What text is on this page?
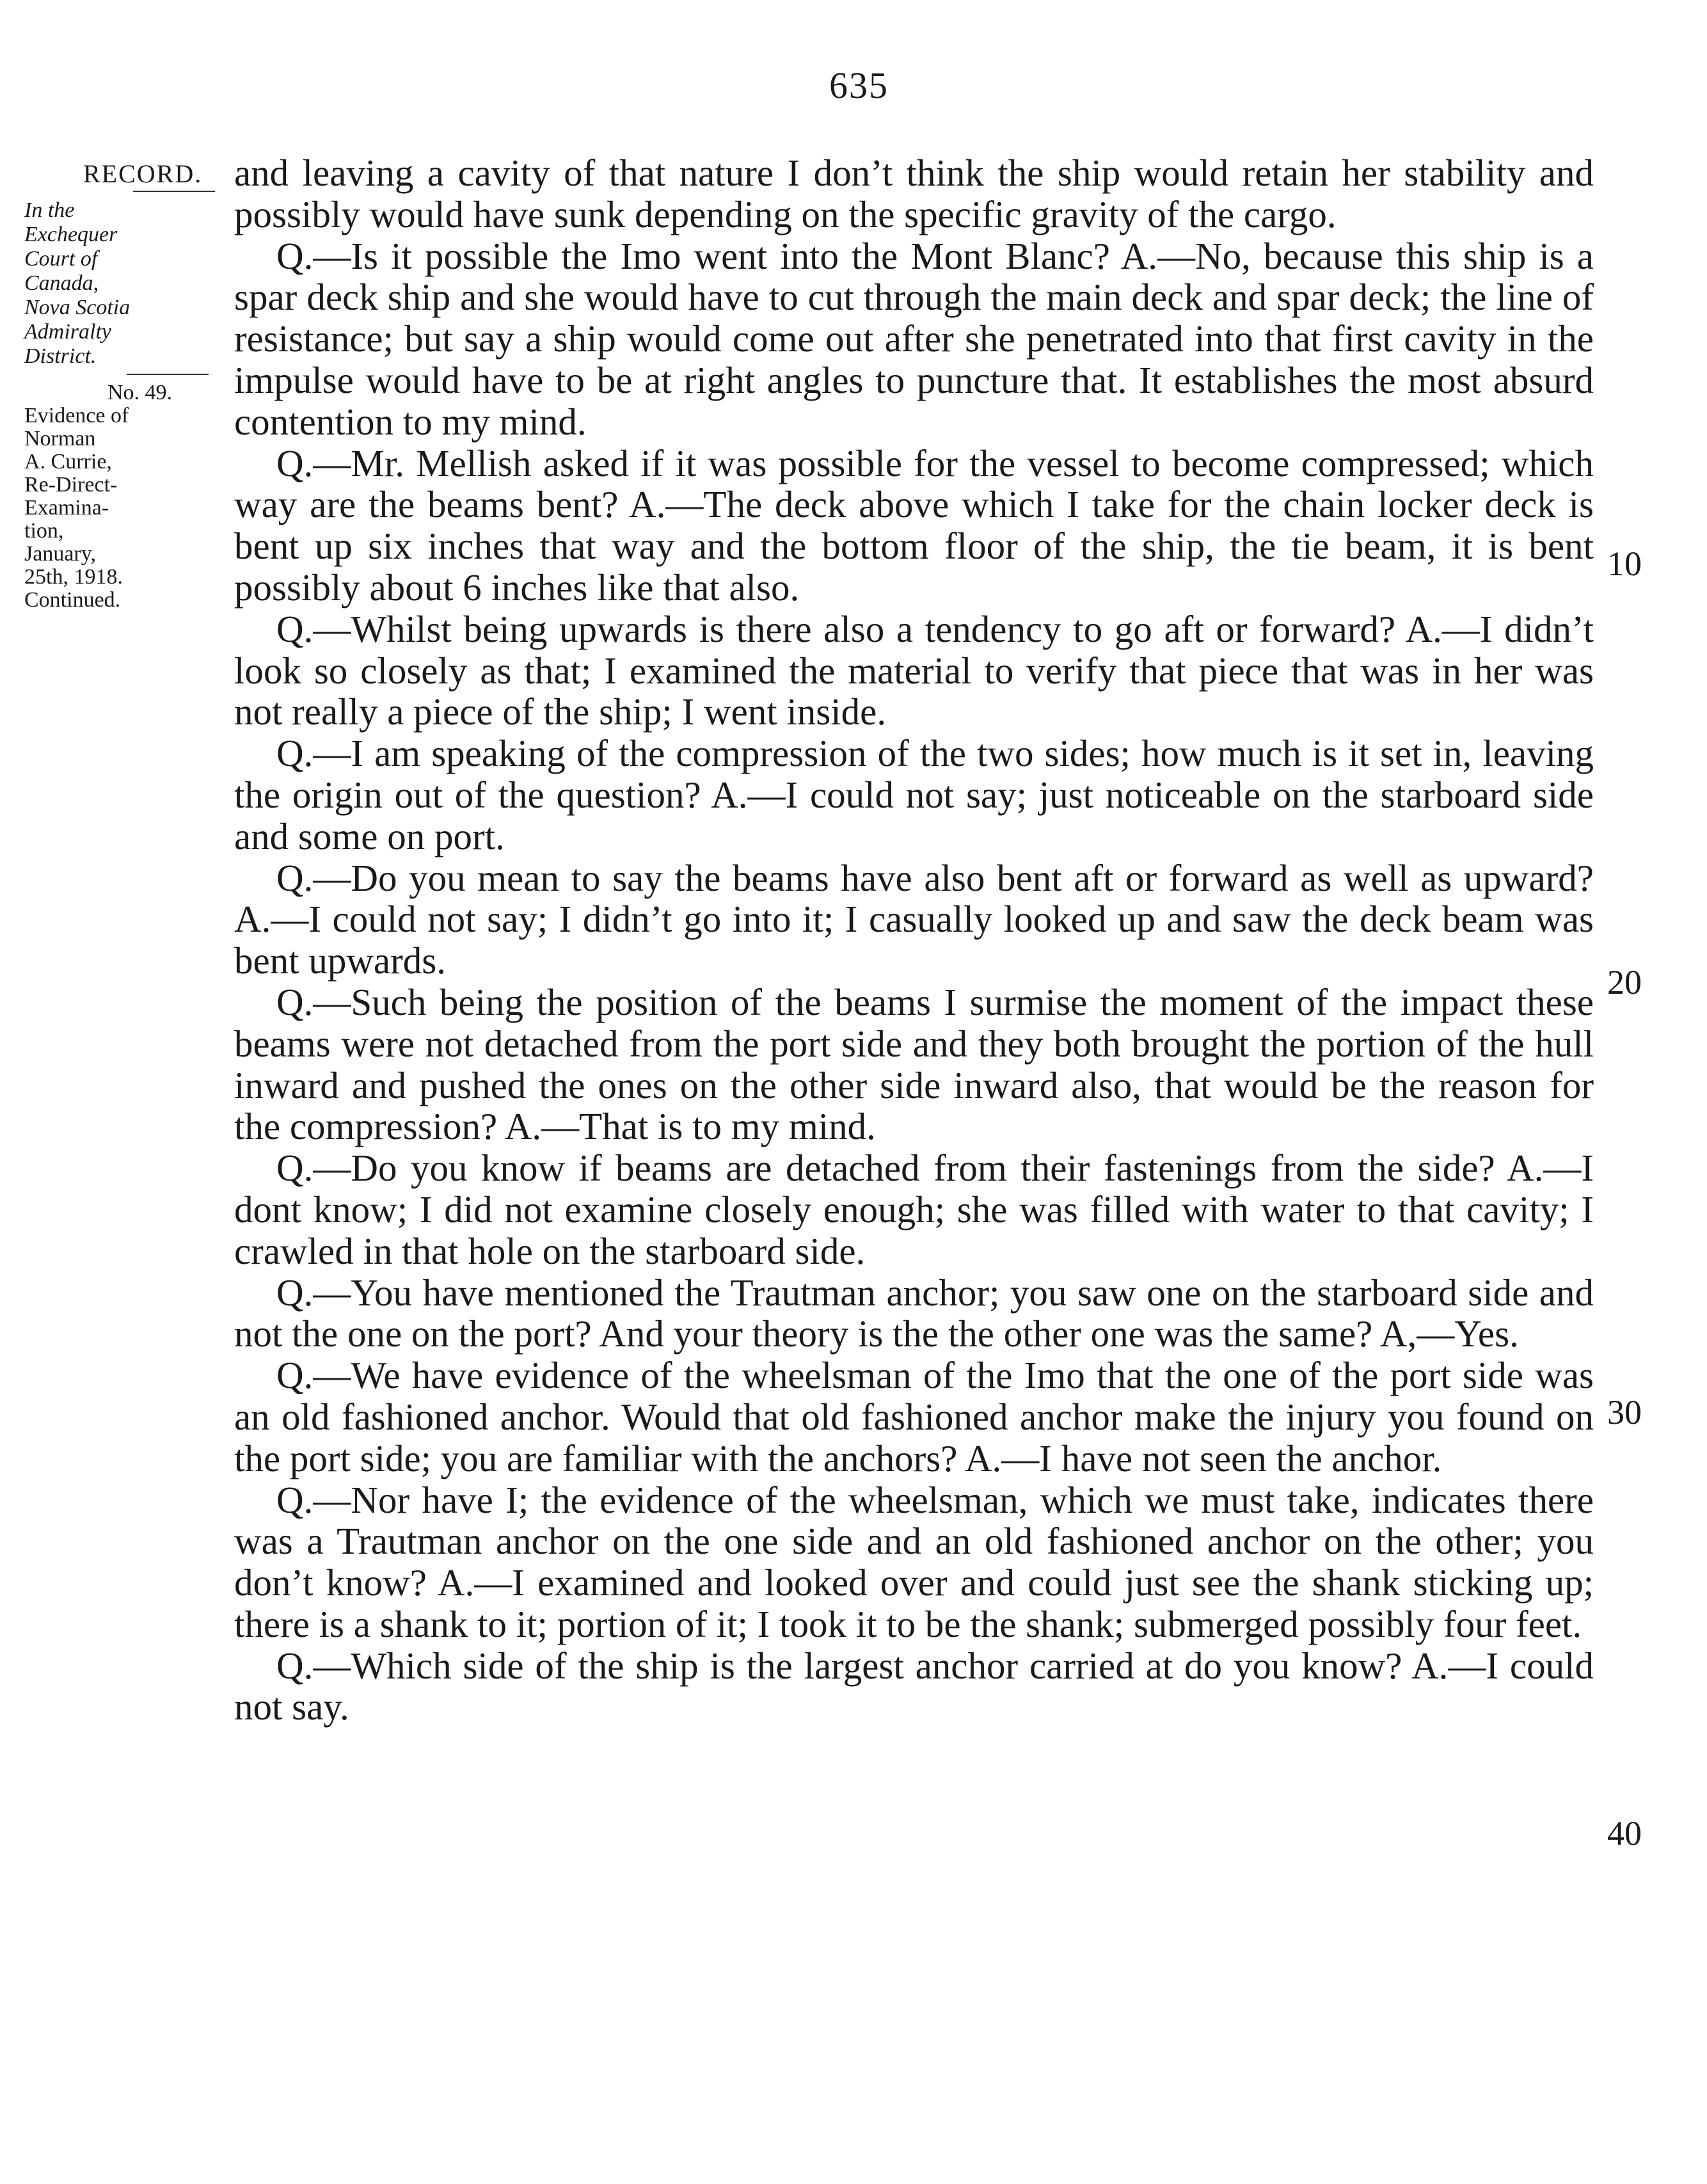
635
RECORD.
In the
Exchequer
Court of
Canada,
Nova Scotia
Admiralty
District.
No. 49.
Evidence of
Norman
A. Currie,
Re-Direct-
Examina-
tion,
January,
25th, 1918.
Continued.

and leaving a cavity of that nature I don’t think the ship would retain her stability and possibly would have sunk depending on the specific gravity of the cargo.

Q.—Is it possible the Imo went into the Mont Blanc? A.—No, because this ship is a spar deck ship and she would have to cut through the main deck and spar deck; the line of resistance; but say a ship would come out after she penetrated into that first cavity in the impulse would have to be at right angles to puncture that. It establishes the most absurd contention to my mind.

Q.—Mr. Mellish asked if it was possible for the vessel to become compressed; which way are the beams bent? A.—The deck above which I take for the chain locker deck is bent up six inches that way and the bottom floor of the ship, the tie beam, it is bent possibly about 6 inches like that also.

Q.—Whilst being upwards is there also a tendency to go aft or forward? A.—I didn’t look so closely as that; I examined the material to verify that piece that was in her was not really a piece of the ship; I went inside.

Q.—I am speaking of the compression of the two sides; how much is it set in, leaving the origin out of the question? A.—I could not say; just noticeable on the starboard side and some on port.

Q.—Do you mean to say the beams have also bent aft or forward as well as upward? A.—I could not say; I didn’t go into it; I casually looked up and saw the deck beam was bent upwards.

Q.—Such being the position of the beams I surmise the moment of the impact these beams were not detached from the port side and they both brought the portion of the hull inward and pushed the ones on the other side inward also, that would be the reason for the compression? A.—That is to my mind.

Q.—Do you know if beams are detached from their fastenings from the side? A.—I dont know; I did not examine closely enough; she was filled with water to that cavity; I crawled in that hole on the starboard side.

Q.—You have mentioned the Trautman anchor; you saw one on the starboard side and not the one on the port? And your theory is the the other one was the same? A,—Yes.

Q.—We have evidence of the wheelsman of the Imo that the one of the port side was an old fashioned anchor. Would that old fashioned anchor make the injury you found on the port side; you are familiar with the anchors? A.—I have not seen the anchor.

Q.—Nor have I; the evidence of the wheelsman, which we must take, indicates there was a Trautman anchor on the one side and an old fashioned anchor on the other; you don’t know? A.—I examined and looked over and could just see the shank sticking up; there is a shank to it; portion of it; I took it to be the shank; submerged possibly four feet.

Q.—Which side of the ship is the largest anchor carried at do you know? A.—I could not say.

10
20
30
40
